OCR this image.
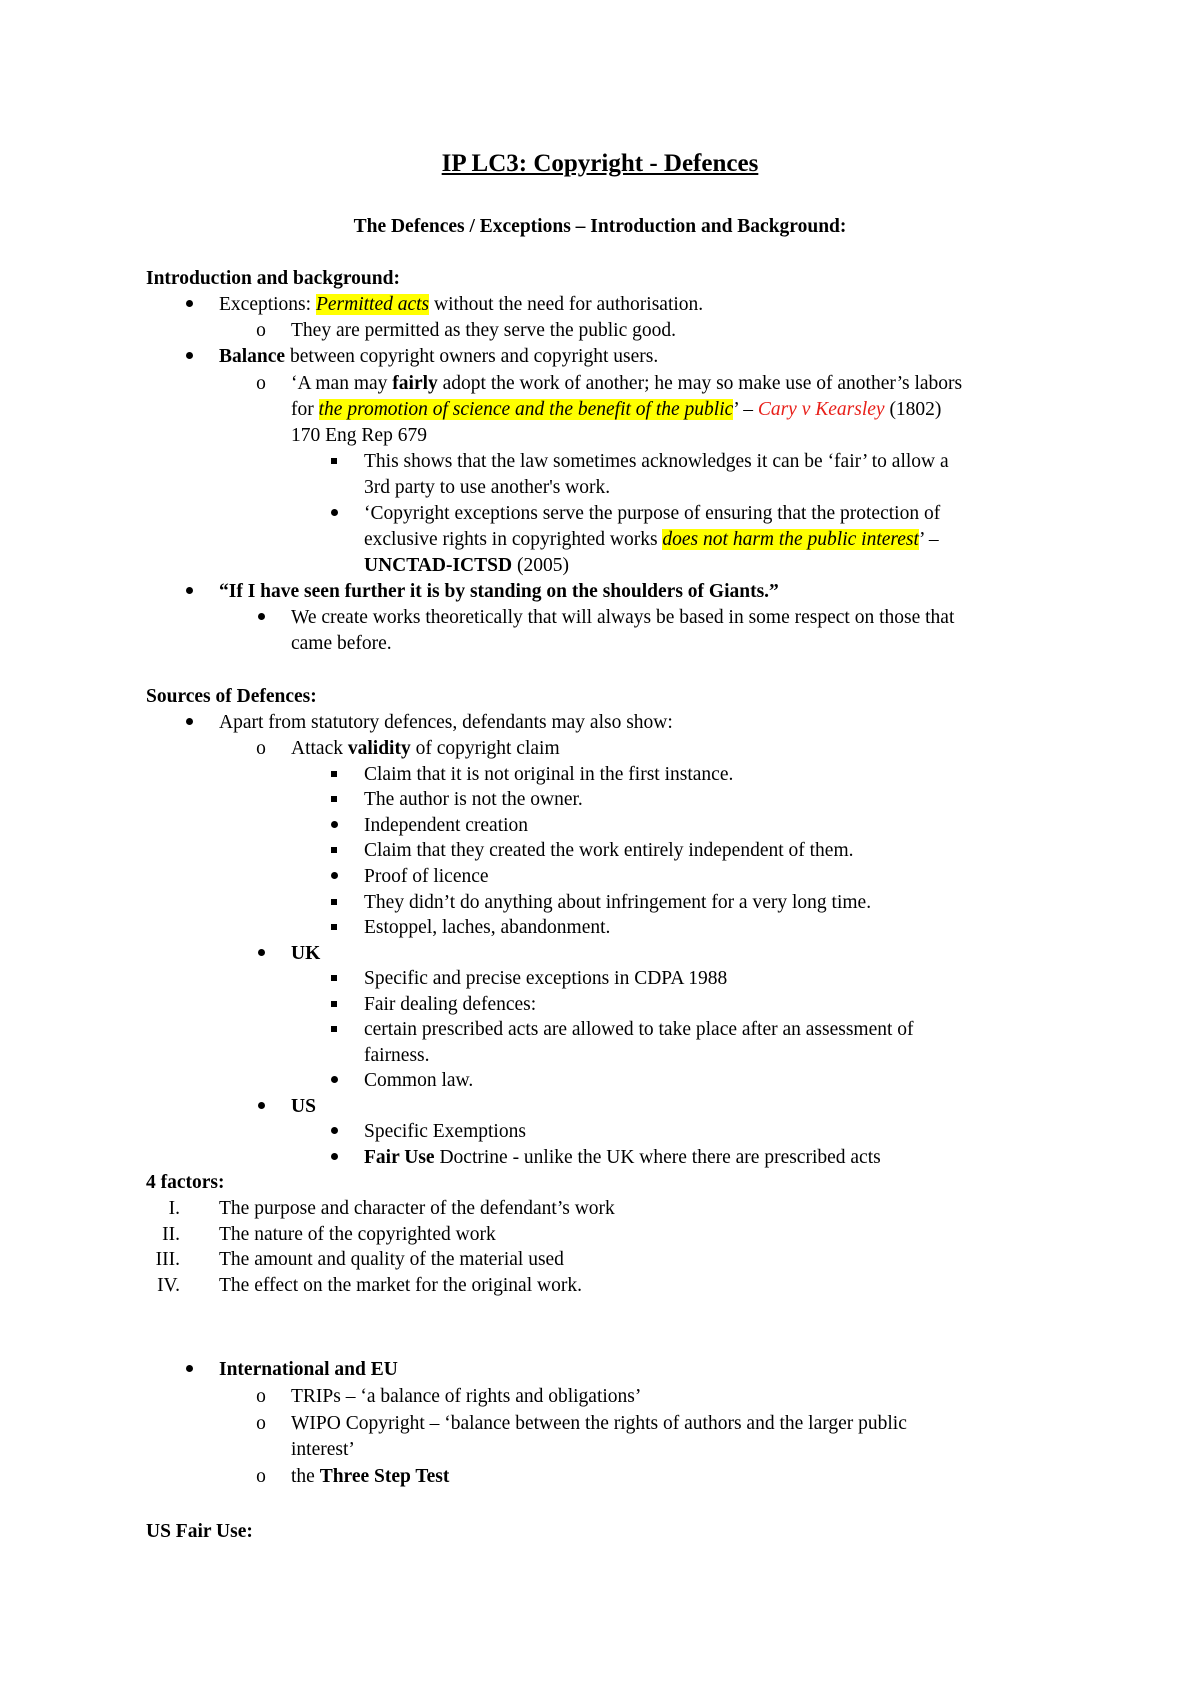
IP LC3: Copyright - Defences
The Defences / Exceptions – Introduction and Background:
Introduction and background:
Exceptions: Permitted acts without the need for authorisation.
o They are permitted as they serve the public good.
Balance between copyright owners and copyright users.
o ‘A man may fairly adopt the work of another; he may so make use of another’s labors
for the promotion of science and the benefit of the public’ – Cary v Kearsley (1802)
170 Eng Rep 679
This shows that the law sometimes acknowledges it can be ‘fair’ to allow a
3rd party to use another's work.
‘Copyright exceptions serve the purpose of ensuring that the protection of
exclusive rights in copyrighted works does not harm the public interest’ –
UNCTAD-ICTSD (2005)
“If I have seen further it is by standing on the shoulders of Giants.”
We create works theoretically that will always be based in some respect on those that
came before.
Sources of Defences:
Apart from statutory defences, defendants may also show:
o Attack validity of copyright claim
Claim that it is not original in the first instance.
The author is not the owner.
Independent creation
Claim that they created the work entirely independent of them.
Proof of licence
They didn’t do anything about infringement for a very long time.
Estoppel, laches, abandonment.
UK
Specific and precise exceptions in CDPA 1988
Fair dealing defences:
certain prescribed acts are allowed to take place after an assessment of
fairness.
Common law.
US
Specific Exemptions
Fair Use Doctrine - unlike the UK where there are prescribed acts
4 factors:
I. The purpose and character of the defendant’s work
II. The nature of the copyrighted work
III. The amount and quality of the material used
IV. The effect on the market for the original work.
International and EU
o TRIPs – ‘a balance of rights and obligations’
o WIPO Copyright – ‘balance between the rights of authors and the larger public
interest’
o the Three Step Test
US Fair Use:
